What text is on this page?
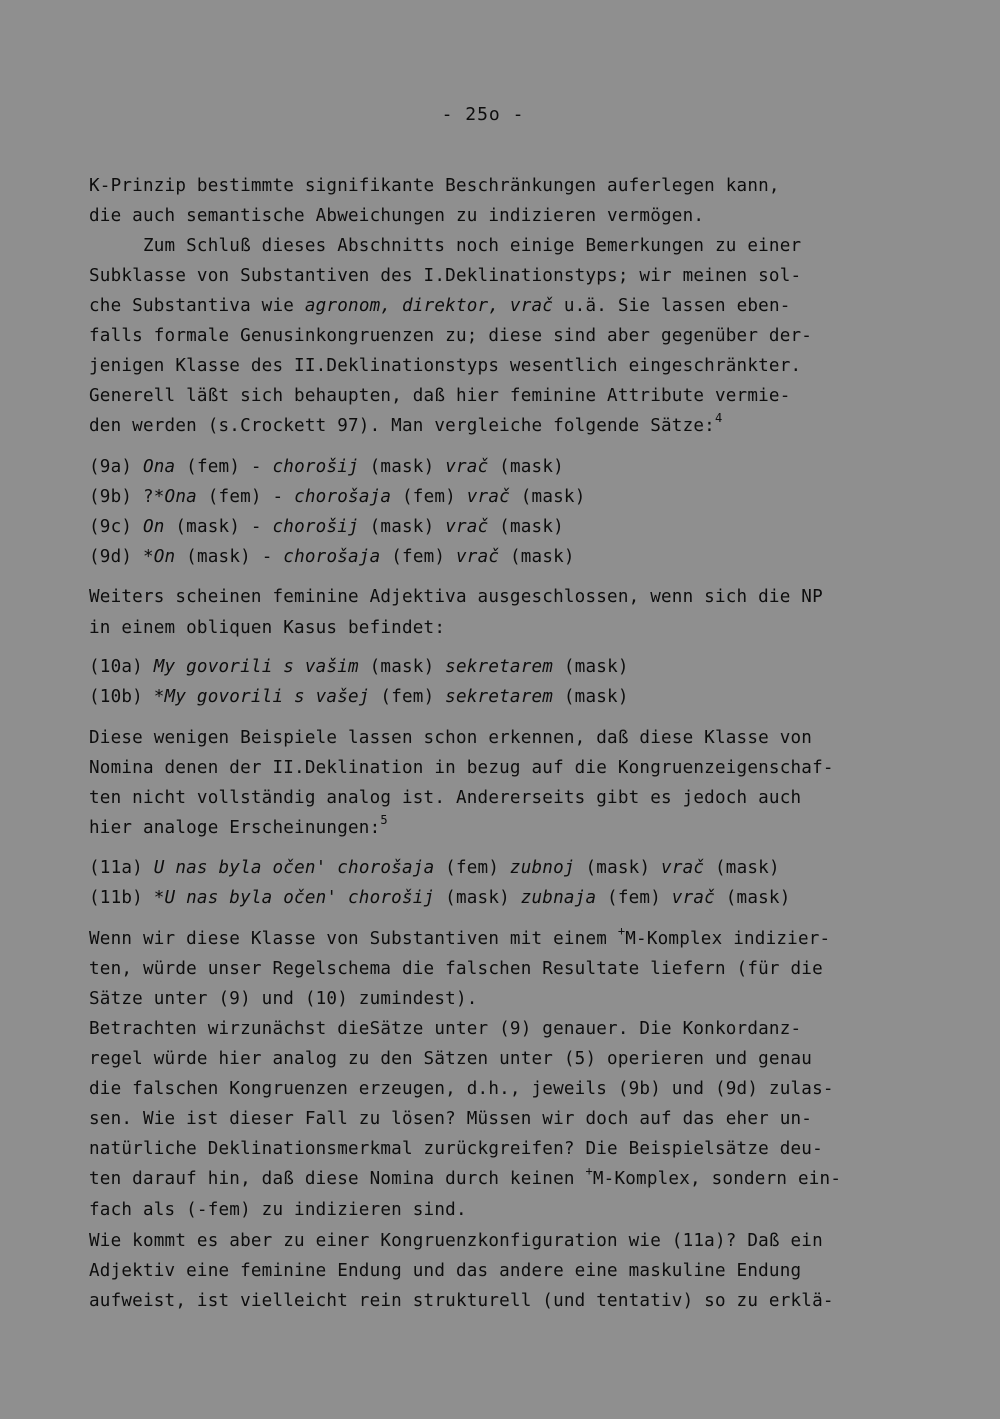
- 25o -
K-Prinzip bestimmte signifikante Beschränkungen auferlegen kann,
die auch semantische Abweichungen zu indizieren vermögen.
Zum Schluß dieses Abschnitts noch einige Bemerkungen zu einer
Subklasse von Substantiven des I.Deklinationstyps; wir meinen sol-
che Substantiva wie agronom, direktor, vrač u.ä. Sie lassen eben-
falls formale Genusinkongruenzen zu; diese sind aber gegenüber der-
jenigen Klasse des II.Deklinationstyps wesentlich eingeschränkter.
Generell läßt sich behaupten, daß hier feminine Attribute vermie-
den werden (s.Crockett 97). Man vergleiche folgende Sätze:$^4$
(9a) Ona (fem) - chorošij (mask) vrač (mask)
(9b) ?*Ona (fem) - chorošaja (fem) vrač (mask)
(9c) On (mask) - chorošij (mask) vrač (mask)
(9d) *On (mask) - chorošaja (fem) vrač (mask)
Weiters scheinen feminine Adjektiva ausgeschlossen, wenn sich die NP
in einem obliquen Kasus befindet:
(10a) My govorili s vašim (mask) sekretarem (mask)
(10b) *My govorili s vašej (fem) sekretarem (mask)
Diese wenigen Beispiele lassen schon erkennen, daß diese Klasse von
Nomina denen der II.Deklination in bezug auf die Kongruenzeigenschaf-
ten nicht vollständig analog ist. Andererseits gibt es jedoch auch
hier analoge Erscheinungen:$^5$
(11a) U nas byla očen' chorošaja (fem) zubnoj (mask) vrač (mask)
(11b) *U nas byla očen' chorošij (mask) zubnaja (fem) vrač (mask)
Wenn wir diese Klasse von Substantiven mit einem +M-Komplex indizier-
ten, würde unser Regelschema die falschen Resultate liefern (für die
Sätze unter (9) und (10) zumindest).
Betrachten wirzunächst dieSätze unter (9) genauer. Die Konkordanz-
regel würde hier analog zu den Sätzen unter (5) operieren und genau
die falschen Kongruenzen erzeugen, d.h., jeweils (9b) und (9d) zulas-
sen. Wie ist dieser Fall zu lösen? Müssen wir doch auf das eher un-
natürliche Deklinationsmerkmal zurückgreifen? Die Beispielsätze deu-
ten darauf hin, daß diese Nomina durch keinen +M-Komplex, sondern ein-
fach als (-fem) zu indizieren sind.
Wie kommt es aber zu einer Kongruenzkonfiguration wie (11a)? Daß ein
Adjektiv eine feminine Endung und das andere eine maskuline Endung
aufweist, ist vielleicht rein strukturell (und tentativ) so zu erklä-
